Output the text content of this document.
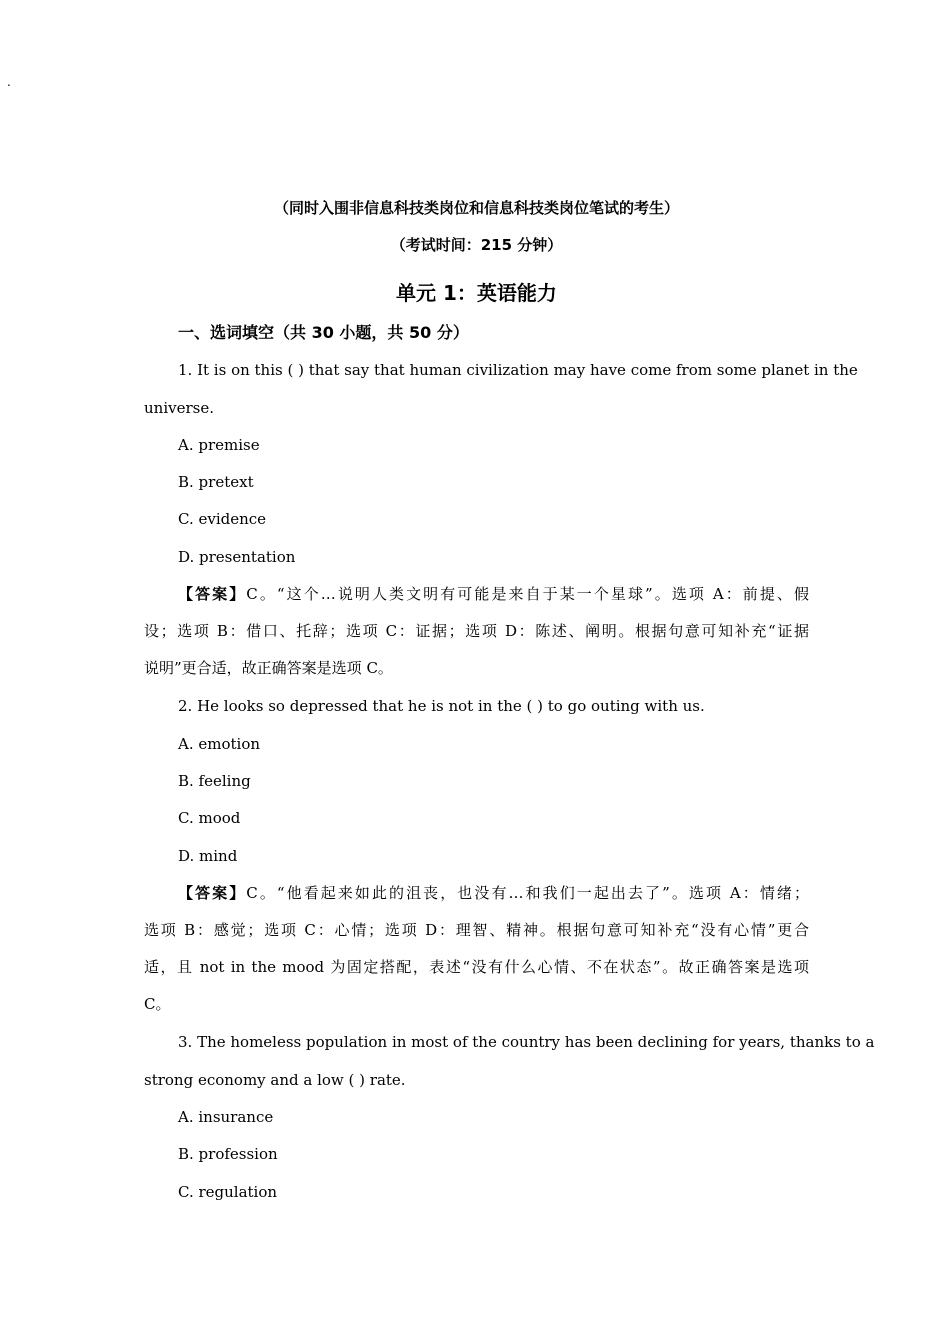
.
（同时入围非信息科技类岗位和信息科技类岗位笔试的考生）
（考试时间：215 分钟）
单元 1：英语能力
一、选词填空（共 30 小题，共 50 分）
1. It is on this ( ) that say that human civilization may have come from some planet in the
universe.
A. premise
B. pretext
C. evidence
D. presentation
【答案】C。“这个…说明人类文明有可能是来自于某一个星球”。选项 A：前提、假
设；选项 B：借口、托辞；选项 C：证据；选项 D：陈述、阐明。根据句意可知补充“证据
说明”更合适，故正确答案是选项 C。
2. He looks so depressed that he is not in the ( ) to go outing with us.
A. emotion
B. feeling
C. mood
D. mind
【答案】C。“他看起来如此的沮丧，也没有…和我们一起出去了”。选项 A：情绪；
选项 B：感觉；选项 C：心情；选项 D：理智、精神。根据句意可知补充“没有心情”更合
适，且 not in the mood 为固定搭配，表述“没有什么心情、不在状态”。故正确答案是选项
C。
3. The homeless population in most of the country has been declining for years, thanks to a
strong economy and a low ( ) rate.
A. insurance
B. profession
C. regulation
